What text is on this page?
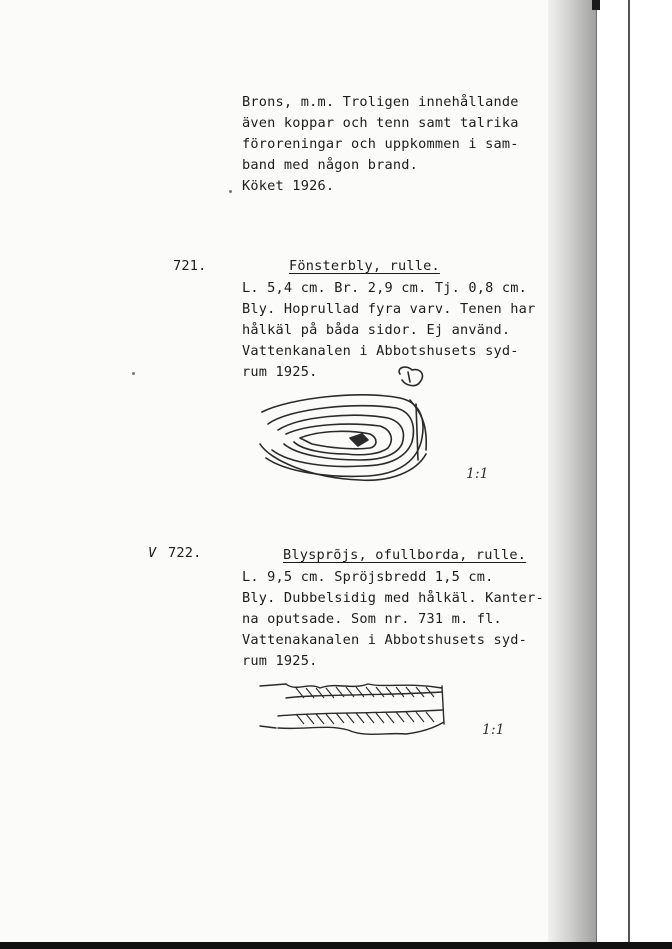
Brons, m.m. Troligen innehållande
även koppar och tenn samt talrika
föroreningar och uppkommen i sam-
band med någon brand.
Köket 1926.
721.	Fönsterbly, rulle.
L. 5,4 cm. Br. 2,9 cm. Tj. 0,8 cm.
Bly. Hoprullad fyra varv. Tenen har
hålkäl på båda sidor. Ej använd.
Vattenkanalen i Abbotshusets syd-
rum 1925.
1:1
V 722.	Blysprõjs, ofullborda, rulle.
L. 9,5 cm. Spröjsbredd 1,5 cm.
Bly. Dubbelsidig med hålkäl. Kanter-
na oputsade. Som nr. 731 m. fl.
Vattenakanalen i Abbotshusets syd-
rum 1925.
1:1
